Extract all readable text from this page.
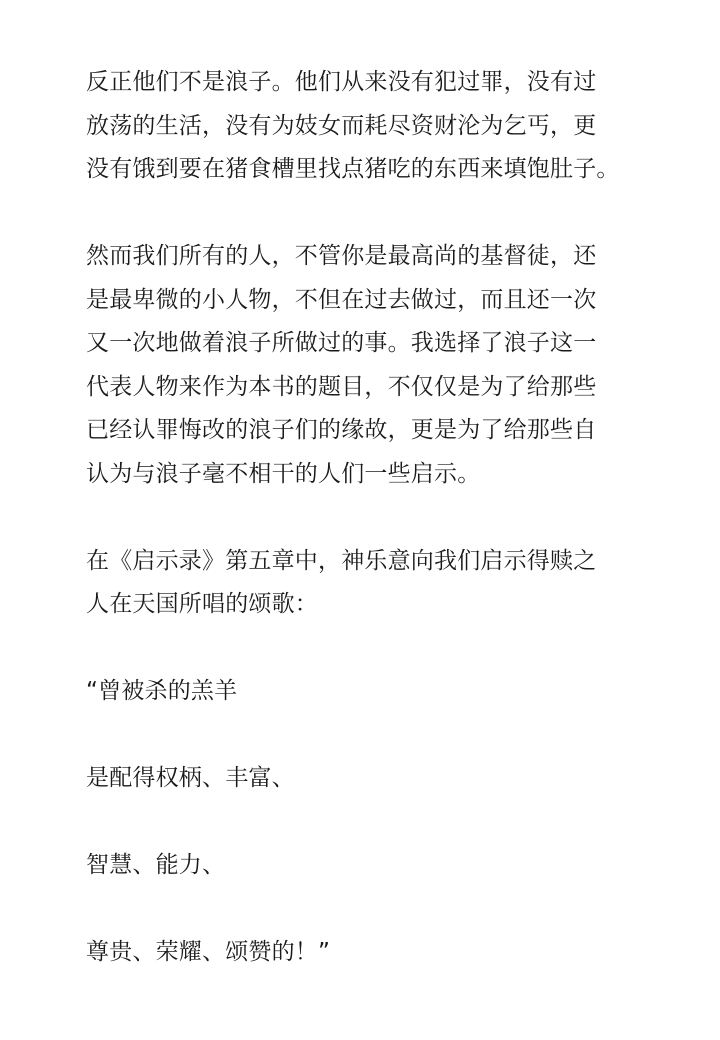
反正他们不是浪子。他们从来没有犯过罪，没有过
放荡的生活，没有为妓女而耗尽资财沦为乞丐，更
没有饿到要在猪食槽里找点猪吃的东西来填饱肚子。

然而我们所有的人，不管你是最高尚的基督徒，还
是最卑微的小人物，不但在过去做过，而且还一次
又一次地做着浪子所做过的事。我选择了浪子这一
代表人物来作为本书的题目，不仅仅是为了给那些
已经认罪悔改的浪子们的缘故，更是为了给那些自
认为与浪子毫不相干的人们一些启示。

在《启示录》第五章中，神乐意向我们启示得赎之
人在天国所唱的颂歌：

“曾被杀的羔羊

是配得权柄、丰富、

智慧、能力、

尊贵、荣耀、颂赞的！”
